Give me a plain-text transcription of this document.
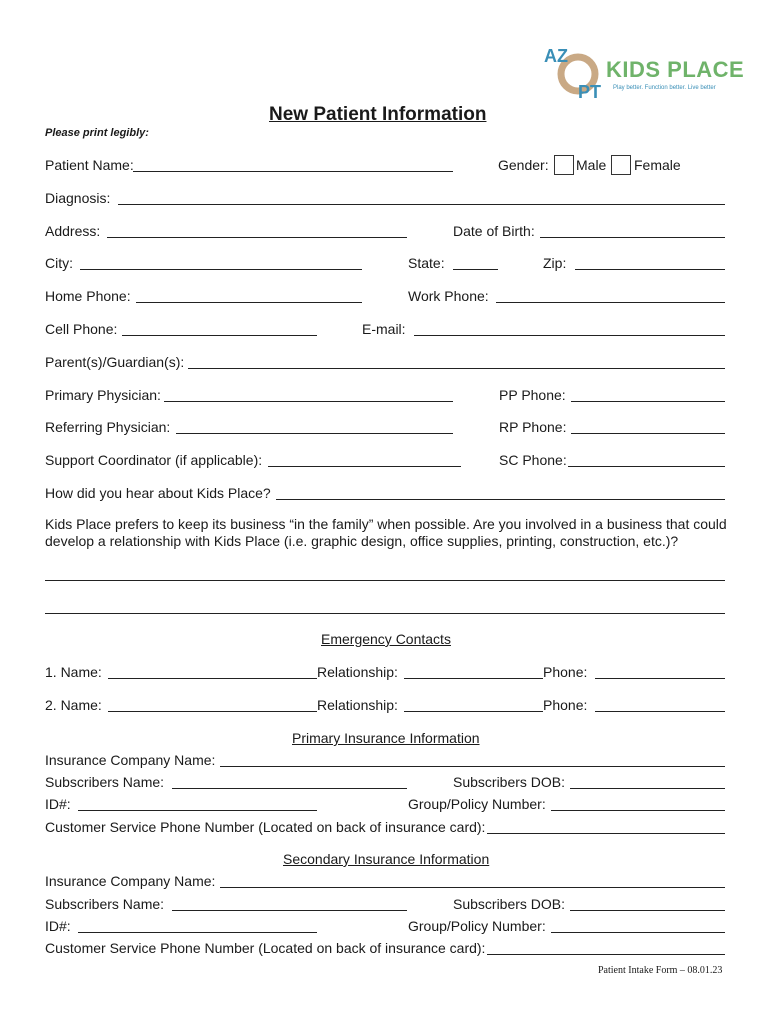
AZ
PT
KIDS PLACE
Play better. Function better. Live better
New Patient Information
Please print legibly:
Patient Name:	Gender: Male Female
Diagnosis:
Address:	Date of Birth:
City:	State:	Zip:
Home Phone:	Work Phone:
Cell Phone:	E-mail:
Parent(s)/Guardian(s):
Primary Physician:	PP Phone:
Referring Physician:	RP Phone:
Support Coordinator (if applicable):	SC Phone:
How did you hear about Kids Place?
Kids Place prefers to keep its business “in the family” when possible. Are you involved in a business that could develop a relationship with Kids Place (i.e. graphic design, office supplies, printing, construction, etc.)?
Emergency Contacts
1. Name:	Relationship:	Phone:
2. Name:	Relationship:	Phone:
Primary Insurance Information
Insurance Company Name:
Subscribers Name:	Subscribers DOB:
ID#:	Group/Policy Number:
Customer Service Phone Number (Located on back of insurance card):
Secondary Insurance Information
Insurance Company Name:
Subscribers Name:	Subscribers DOB:
ID#:	Group/Policy Number:
Customer Service Phone Number (Located on back of insurance card):
Patient Intake Form – 08.01.23
